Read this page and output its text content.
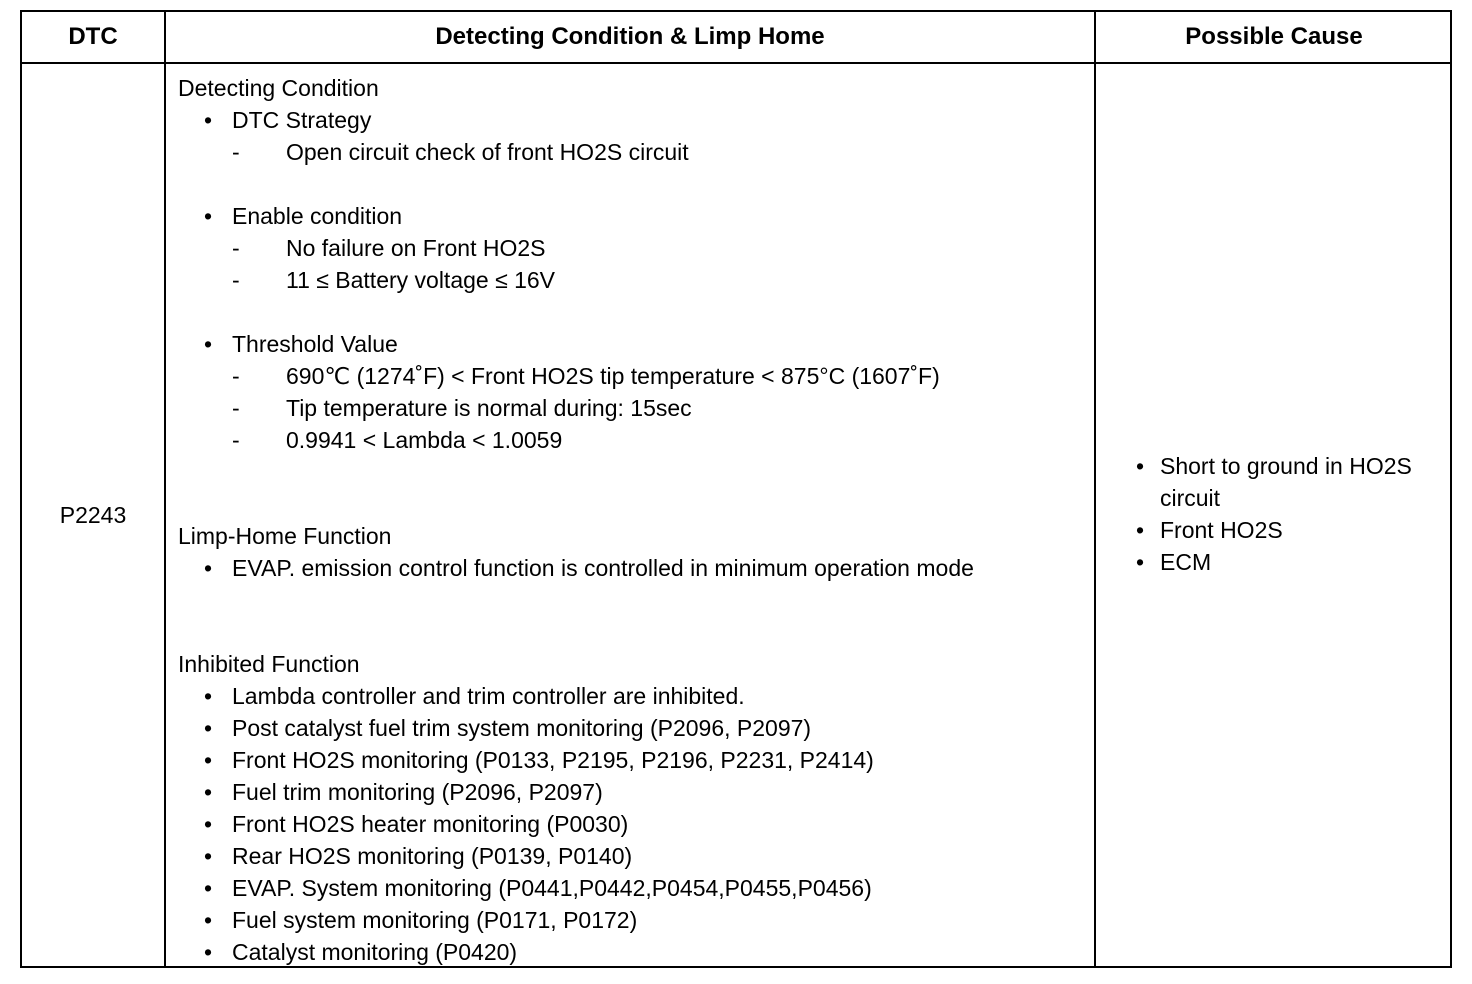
DTC	Detecting Condition & Limp Home	Possible Cause
P2243
Detecting Condition
• DTC Strategy
- Open circuit check of front HO2S circuit
• Enable condition
- No failure on Front HO2S
- 11 ≤ Battery voltage ≤ 16V
• Threshold Value
- 690℃ (1274˚F) < Front HO2S tip temperature < 875°C (1607˚F)
- Tip temperature is normal during: 15sec
- 0.9941 < Lambda < 1.0059
Limp-Home Function
• EVAP. emission control function is controlled in minimum operation mode
Inhibited Function
• Lambda controller and trim controller are inhibited.
• Post catalyst fuel trim system monitoring (P2096, P2097)
• Front HO2S monitoring (P0133, P2195, P2196, P2231, P2414)
• Fuel trim monitoring (P2096, P2097)
• Front HO2S heater monitoring (P0030)
• Rear HO2S monitoring (P0139, P0140)
• EVAP. System monitoring (P0441,P0442,P0454,P0455,P0456)
• Fuel system monitoring (P0171, P0172)
• Catalyst monitoring (P0420)
• Short to ground in HO2S circuit
• Front HO2S
• ECM
